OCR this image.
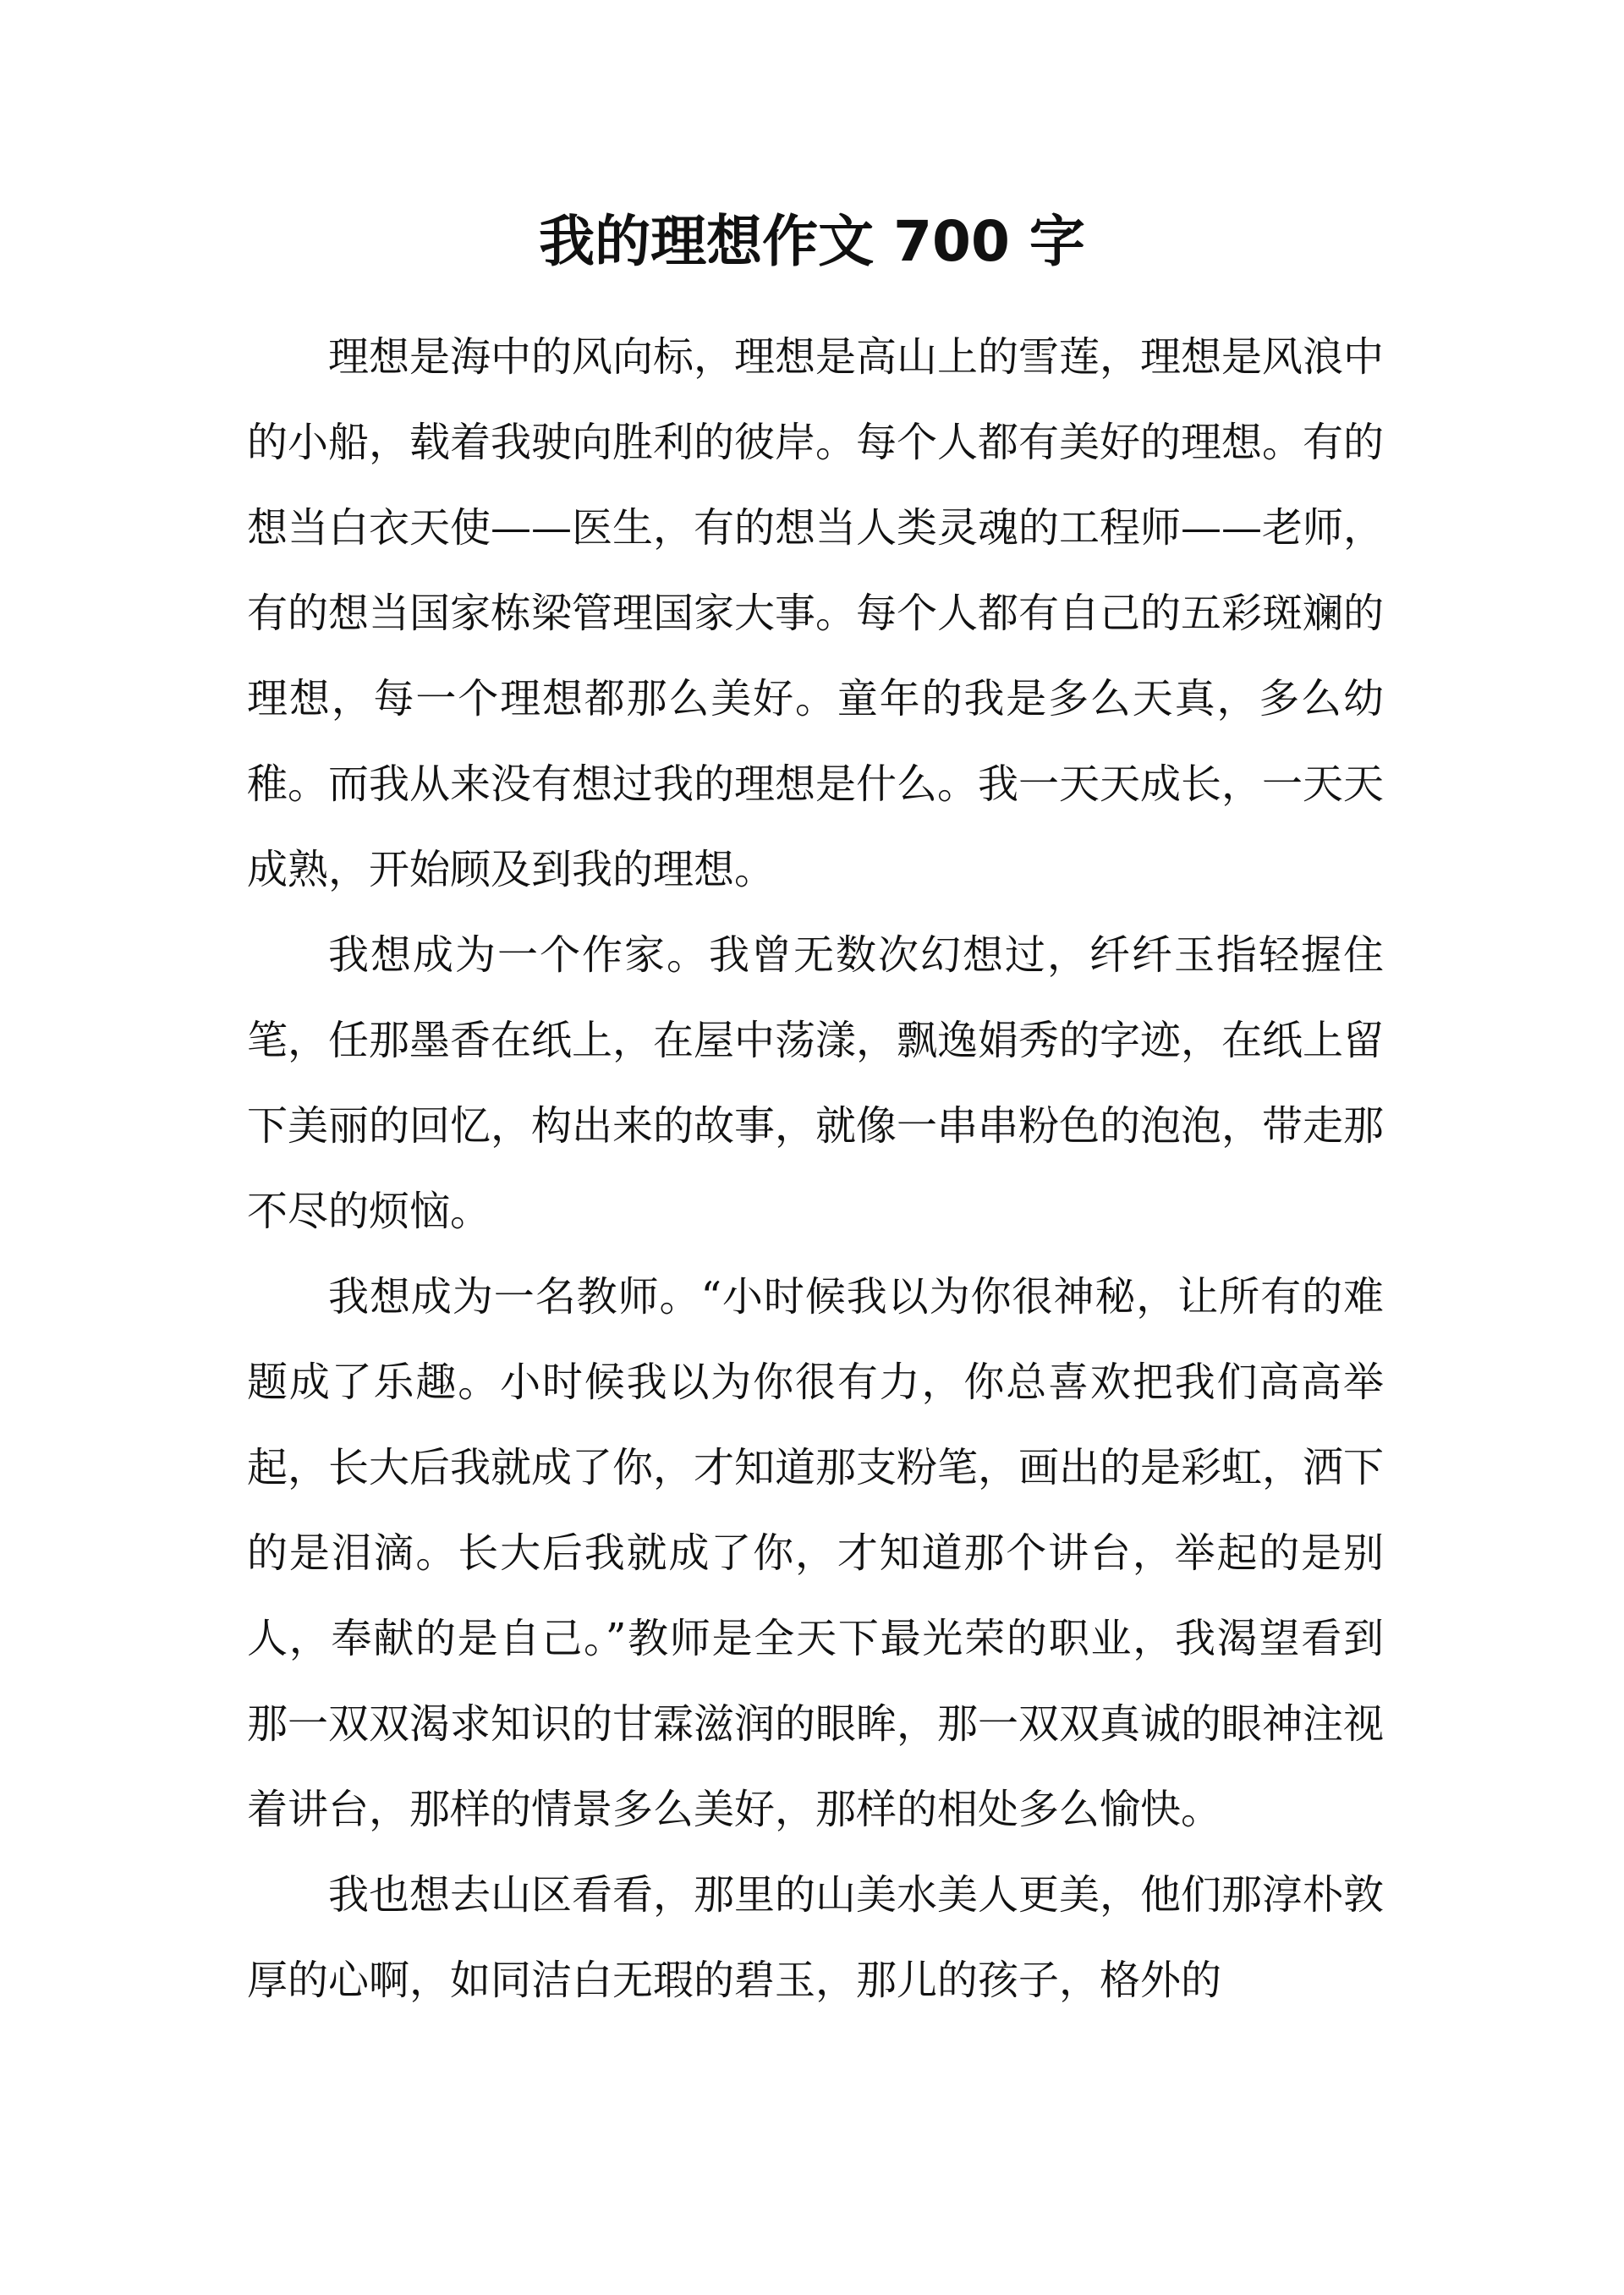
我的理想作文 700 字

理想是海中的风向标，理想是高山上的雪莲，理想是风浪中的小船，载着我驶向胜利的彼岸。每个人都有美好的理想。有的想当白衣天使——医生，有的想当人类灵魂的工程师——老师，有的想当国家栋梁管理国家大事。每个人都有自己的五彩斑斓的理想，每一个理想都那么美好。童年的我是多么天真，多么幼稚。而我从来没有想过我的理想是什么。我一天天成长，一天天成熟，开始顾及到我的理想。

我想成为一个作家。我曾无数次幻想过，纤纤玉指轻握住笔，任那墨香在纸上，在屋中荡漾，飘逸娟秀的字迹，在纸上留下美丽的回忆，构出来的故事，就像一串串粉色的泡泡，带走那不尽的烦恼。

我想成为一名教师。“小时候我以为你很神秘，让所有的难题成了乐趣。小时候我以为你很有力，你总喜欢把我们高高举起，长大后我就成了你，才知道那支粉笔，画出的是彩虹，洒下的是泪滴。长大后我就成了你，才知道那个讲台，举起的是别人，奉献的是自己。”教师是全天下最光荣的职业，我渴望看到那一双双渴求知识的甘霖滋润的眼眸，那一双双真诚的眼神注视着讲台，那样的情景多么美好，那样的相处多么愉快。

我也想去山区看看，那里的山美水美人更美，他们那淳朴敦厚的心啊，如同洁白无瑕的碧玉，那儿的孩子，格外的
